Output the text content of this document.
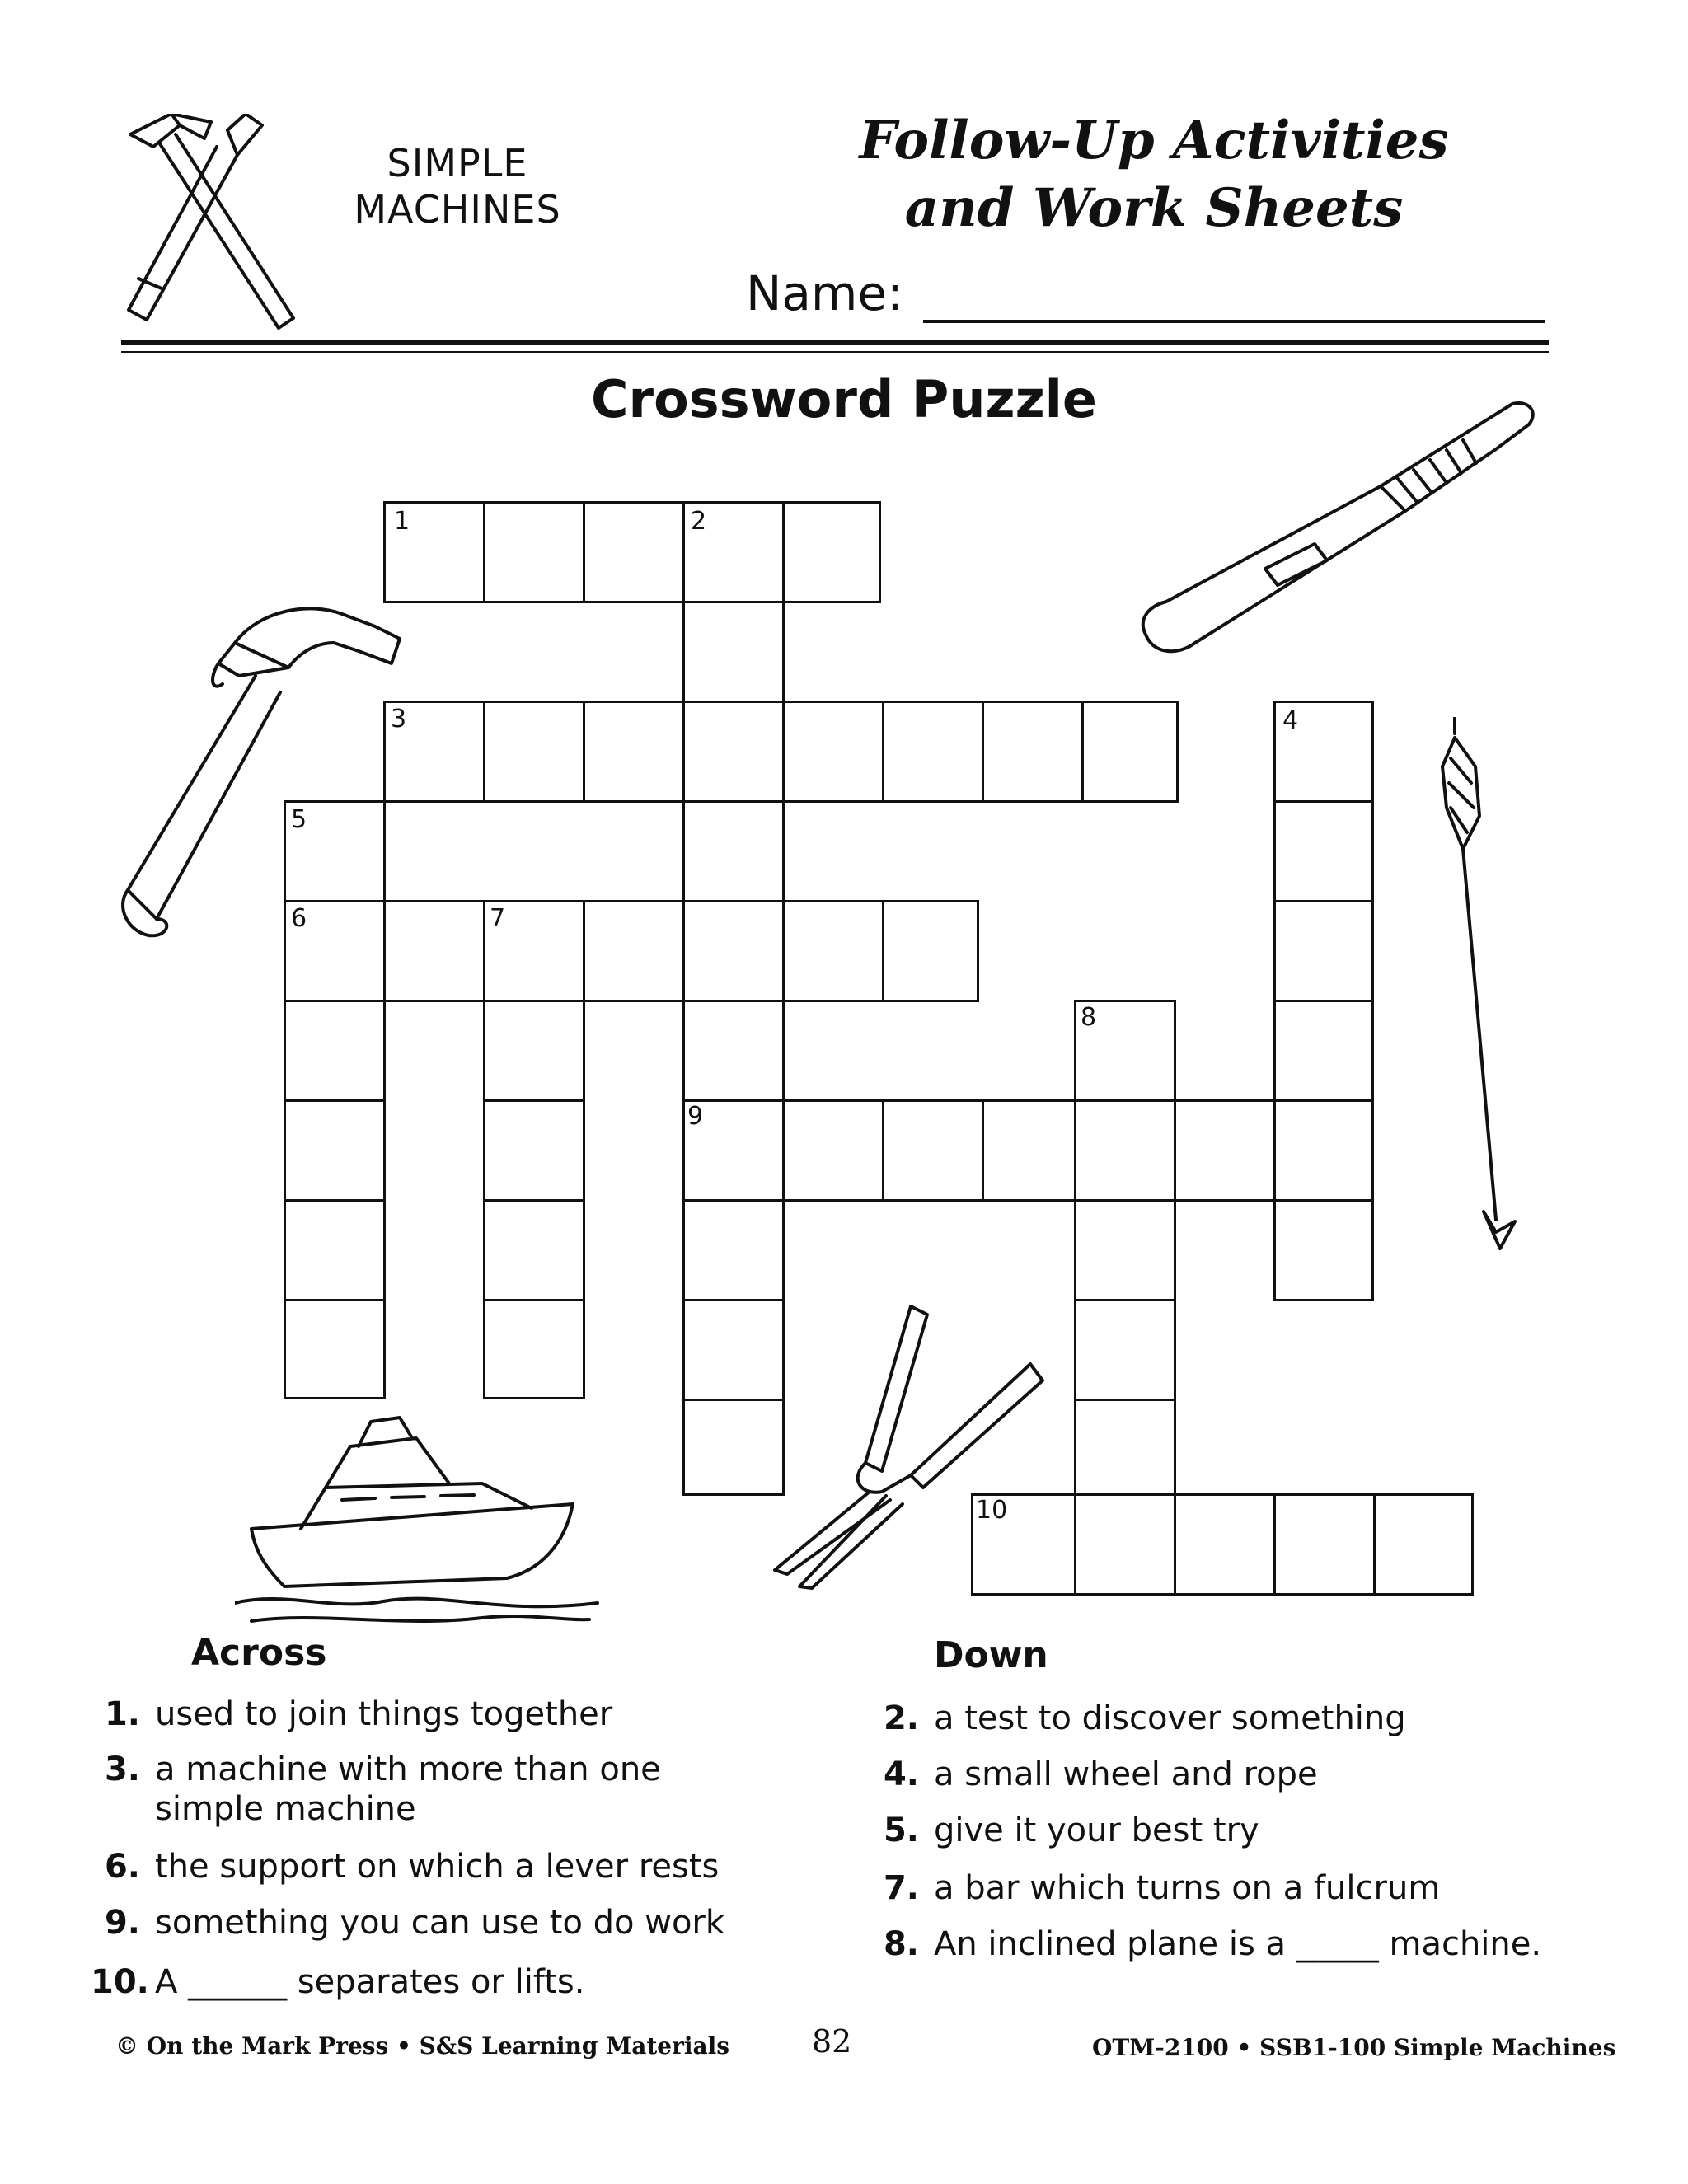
SIMPLE
MACHINES
Follow-Up Activities
and Work Sheets
Name:
Crossword Puzzle
1	2
3	4
5
6	7
8
9
10
Across
1. used to join things together
3. a machine with more than one
simple machine
6. the support on which a lever rests
9. something you can use to do work
10. A ______ separates or lifts.
Down
2. a test to discover something
4. a small wheel and rope
5. give it your best try
7. a bar which turns on a fulcrum
8. An inclined plane is a _____ machine.
© On the Mark Press • S&S Learning Materials	82	OTM-2100 • SSB1-100 Simple Machines
